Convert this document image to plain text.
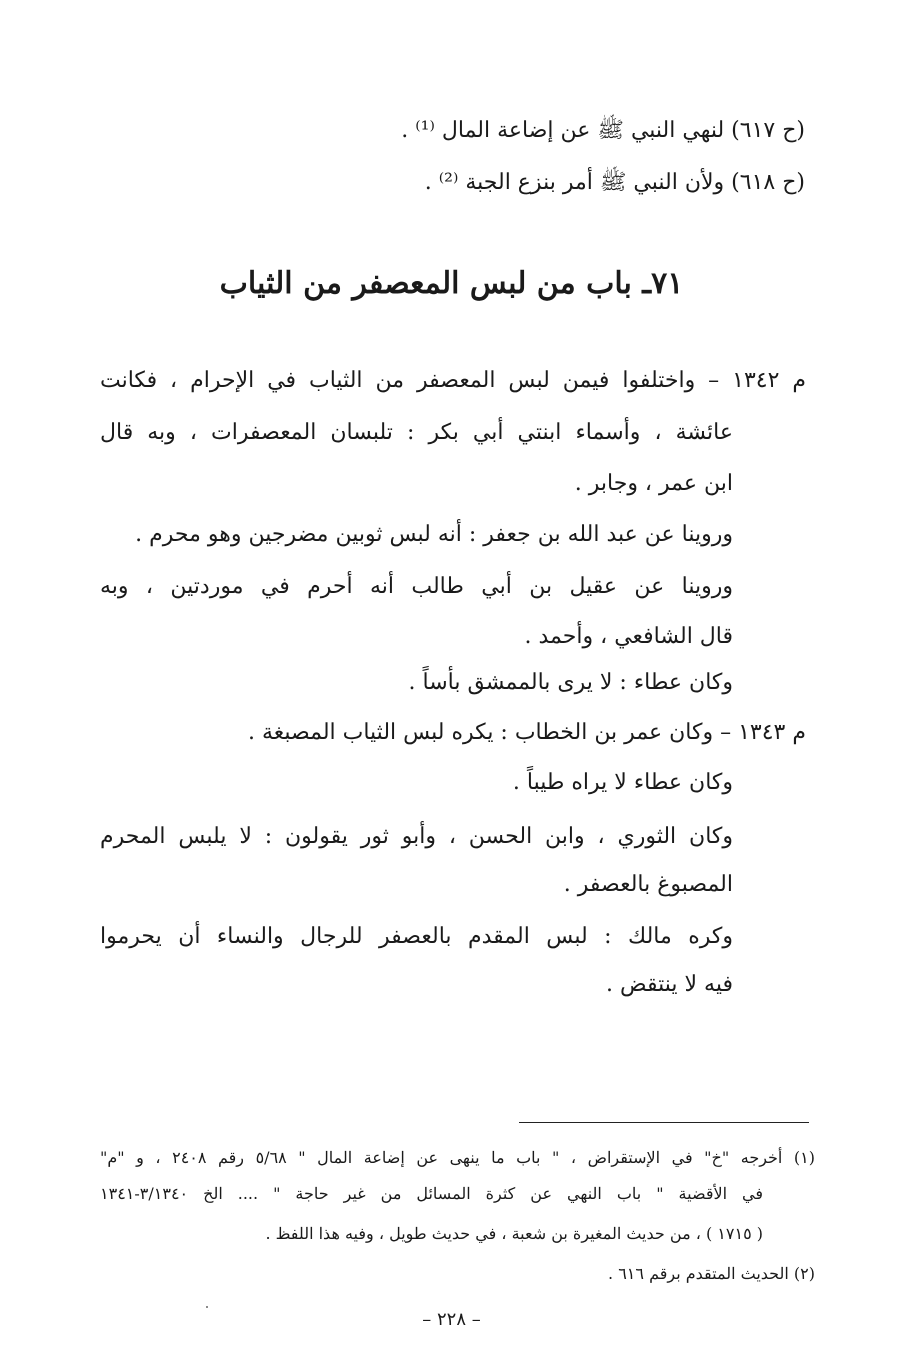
(ح ٦١٧) لنهي النبي ﷺ عن إضاعة المال ⁽¹⁾ .
(ح ٦١٨) ولأن النبي ﷺ أمر بنزع الجبة ⁽²⁾ .
٧١ـ باب من لبس المعصفر من الثياب
م ١٣٤٢ – واختلفوا فيمن لبس المعصفر من الثياب في الإحرام ، فكانت
عائشة ، وأسماء ابنتي أبي بكر : تلبسان المعصفرات ، وبه قال
ابن عمر ، وجابر .
وروينا عن عبد الله بن جعفر : أنه لبس ثوبين مضرجين وهو محرم .
وروينا عن عقيل بن أبي طالب أنه أحرم في موردتين ، وبه
قال الشافعي ، وأحمد .
وكان عطاء : لا يرى بالممشق بأساً .
م ١٣٤٣ – وكان عمر بن الخطاب : يكره لبس الثياب المصبغة .
وكان عطاء لا يراه طيباً .
وكان الثوري ، وابن الحسن ، وأبو ثور يقولون : لا يلبس المحرم
المصبوغ بالعصفر .
وكره مالك : لبس المقدم بالعصفر للرجال والنساء أن يحرموا
فيه لا ينتقض .
(١) أخرجه "خ" في الإستقراض ، " باب ما ينهى عن إضاعة المال " ٥/٦٨ رقم ٢٤٠٨ ، و "م"
في الأقضية " باب النهي عن كثرة المسائل من غير حاجة " .... الخ ٣/١٣٤٠-١٣٤١
( ١٧١٥ ) ، من حديث المغيرة بن شعبة ، في حديث طويل ، وفيه هذا اللفظ .
(٢) الحديث المتقدم برقم ٦١٦ .
– ٢٢٨ –
